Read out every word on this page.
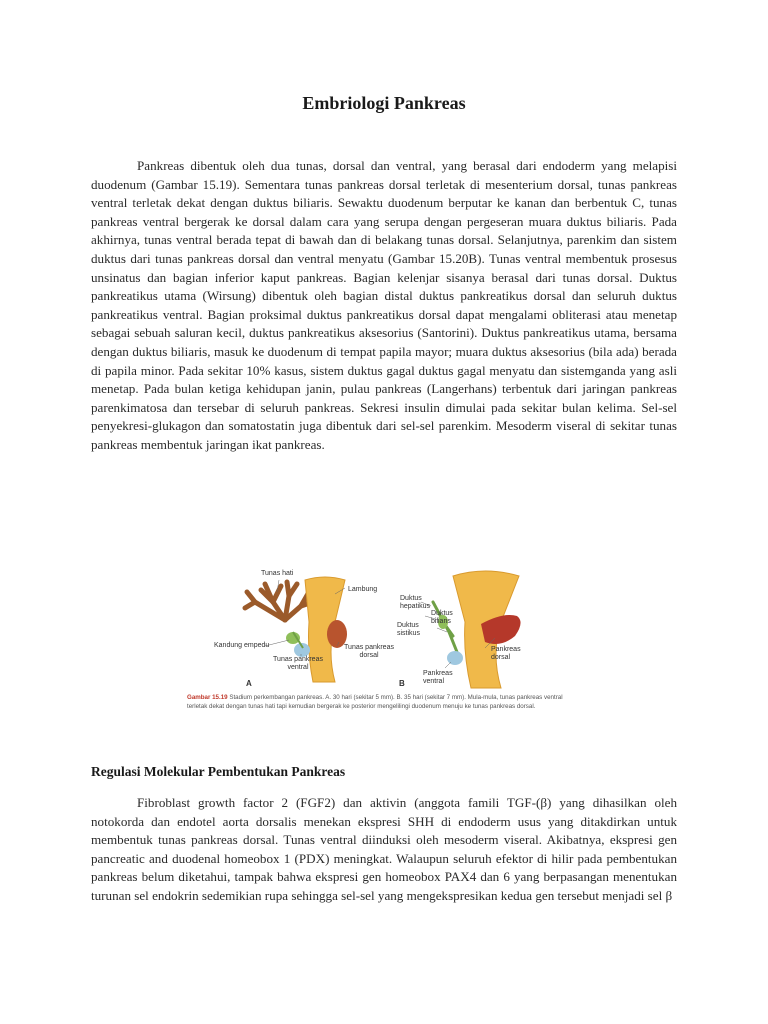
Embriologi Pankreas

Pankreas dibentuk oleh dua tunas, dorsal dan ventral, yang berasal dari endoderm yang melapisi duodenum (Gambar 15.19). Sementara tunas pankreas dorsal terletak di mesenterium dorsal, tunas pankreas ventral terletak dekat dengan duktus biliaris. Sewaktu duodenum berputar ke kanan dan berbentuk C, tunas pankreas ventral bergerak ke dorsal dalam cara yang serupa dengan pergeseran muara duktus biliaris. Pada akhirnya, tunas ventral berada tepat di bawah dan di belakang tunas dorsal. Selanjutnya, parenkim dan sistem duktus dari tunas pankreas dorsal dan ventral menyatu (Gambar 15.20B). Tunas ventral membentuk prosesus unsinatus dan bagian inferior kaput pankreas. Bagian kelenjar sisanya berasal dari tunas dorsal. Duktus pankreatikus utama (Wirsung) dibentuk oleh bagian distal duktus pankreatikus dorsal dan seluruh duktus pankreatikus ventral. Bagian proksimal duktus pankreatikus dorsal dapat mengalami obliterasi atau menetap sebagai sebuah saluran kecil, duktus pankreatikus aksesorius (Santorini). Duktus pankreatikus utama, bersama dengan duktus biliaris, masuk ke duodenum di tempat papila mayor; muara duktus aksesorius (bila ada) berada di papila minor. Pada sekitar 10% kasus, sistem duktus gagal duktus gagal menyatu dan sistemganda yang asli menetap. Pada bulan ketiga kehidupan janin, pulau pankreas (Langerhans) terbentuk dari jaringan pankreas parenkimatosa dan tersebar di seluruh pankreas. Sekresi insulin dimulai pada sekitar bulan kelima. Sel-sel penyekresi-glukagon dan somatostatin juga dibentuk dari sel-sel parenkim. Mesoderm viseral di sekitar tunas pankreas membentuk jaringan ikat pankreas.

Tunas hati
Lambung
Kandung empedu	Tunas pankreas dorsal
Tunas pankreas ventral
A
Duktus hepatikus
Duktus biliaris
Duktus sistikus
Pankreas dorsal
Pankreas ventral
B

Gambar 15.19 Stadium perkembangan pankreas. A. 30 hari (sekitar 5 mm). B. 35 hari (sekitar 7 mm). Mula-mula, tunas pankreas ventral terletak dekat dengan tunas hati tapi kemudian bergerak ke posterior mengelilingi duodenum menuju ke tunas pankreas dorsal.

Regulasi Molekular Pembentukan Pankreas

Fibroblast growth factor 2 (FGF2) dan aktivin (anggota famili TGF-(β) yang dihasilkan oleh notokorda dan endotel aorta dorsalis menekan ekspresi SHH di endoderm usus yang ditakdirkan untuk membentuk tunas pankreas dorsal. Tunas ventral diinduksi oleh mesoderm viseral. Akibatnya, ekspresi gen pancreatic and duodenal homeobox 1 (PDX) meningkat. Walaupun seluruh efektor di hilir pada pembentukan pankreas belum diketahui, tampak bahwa ekspresi gen homeobox PAX4 dan 6 yang berpasangan menentukan turunan sel endokrin sedemikian rupa sehingga sel-sel yang mengekspresikan kedua gen tersebut menjadi sel β
